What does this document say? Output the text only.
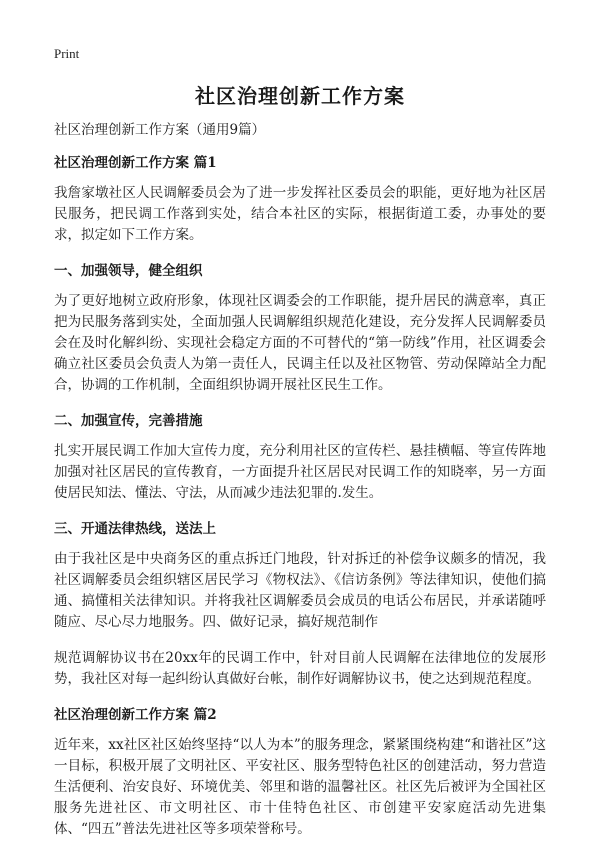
Print
社区治理创新工作方案

社区治理创新工作方案（通用9篇）

社区治理创新工作方案 篇1

我詹家墩社区人民调解委员会为了进一步发挥社区委员会的职能，更好地为社区居民服务，把民调工作落到实处，结合本社区的实际，根据街道工委，办事处的要求，拟定如下工作方案。

一、加强领导，健全组织

为了更好地树立政府形象，体现社区调委会的工作职能，提升居民的满意率，真正把为民服务落到实处，全面加强人民调解组织规范化建设，充分发挥人民调解委员会在及时化解纠纷、实现社会稳定方面的不可替代的“第一防线”作用，社区调委会确立社区委员会负责人为第一责任人，民调主任以及社区物管、劳动保障站全力配合，协调的工作机制，全面组织协调开展社区民生工作。

二、加强宣传，完善措施

扎实开展民调工作加大宣传力度，充分利用社区的宣传栏、悬挂横幅、等宣传阵地加强对社区居民的宣传教育，一方面提升社区居民对民调工作的知晓率，另一方面使居民知法、懂法、守法，从而减少违法犯罪的.发生。

三、开通法律热线，送法上

由于我社区是中央商务区的重点拆迁门地段，针对拆迁的补偿争议颇多的情况，我社区调解委员会组织辖区居民学习《物权法》、《信访条例》等法律知识，使他们搞通、搞懂相关法律知识。并将我社区调解委员会成员的电话公布居民，并承诺随呼随应、尽心尽力地服务。四、做好记录，搞好规范制作

规范调解协议书在20xx年的民调工作中，针对目前人民调解在法律地位的发展形势，我社区对每一起纠纷认真做好台帐，制作好调解协议书，使之达到规范程度。

社区治理创新工作方案 篇2

近年来，xx社区社区始终坚持“以人为本”的服务理念，紧紧围绕构建“和谐社区”这一目标，积极开展了文明社区、平安社区、服务型特色社区的创建活动，努力营造生活便利、治安良好、环境优美、邻里和谐的温馨社区。社区先后被评为全国社区服务先进社区、市文明社区、市十佳特色社区、市创建平安家庭活动先进集体、“四五”普法先进社区等多项荣誉称号。
